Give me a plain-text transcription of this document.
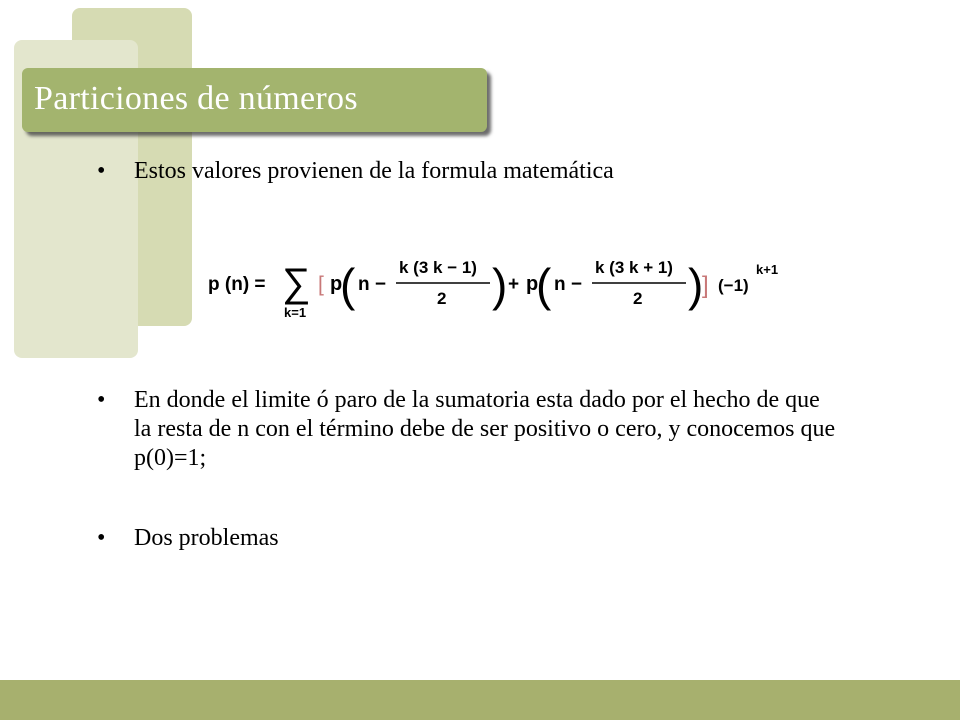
Particiones de números
• Estos valores provienen de la formula matemática
p (n) = ∑
k=1
[ p
( n −
k (3 k − 1)
2 ) + p
( n −
k (3 k + 1)
2 )
] (−1)
k+1
• En donde el limite ó paro de la sumatoria esta dado por el hecho de que la resta de n con el término debe de ser positivo o cero, y conocemos que p(0)=1;
• Dos problemas
